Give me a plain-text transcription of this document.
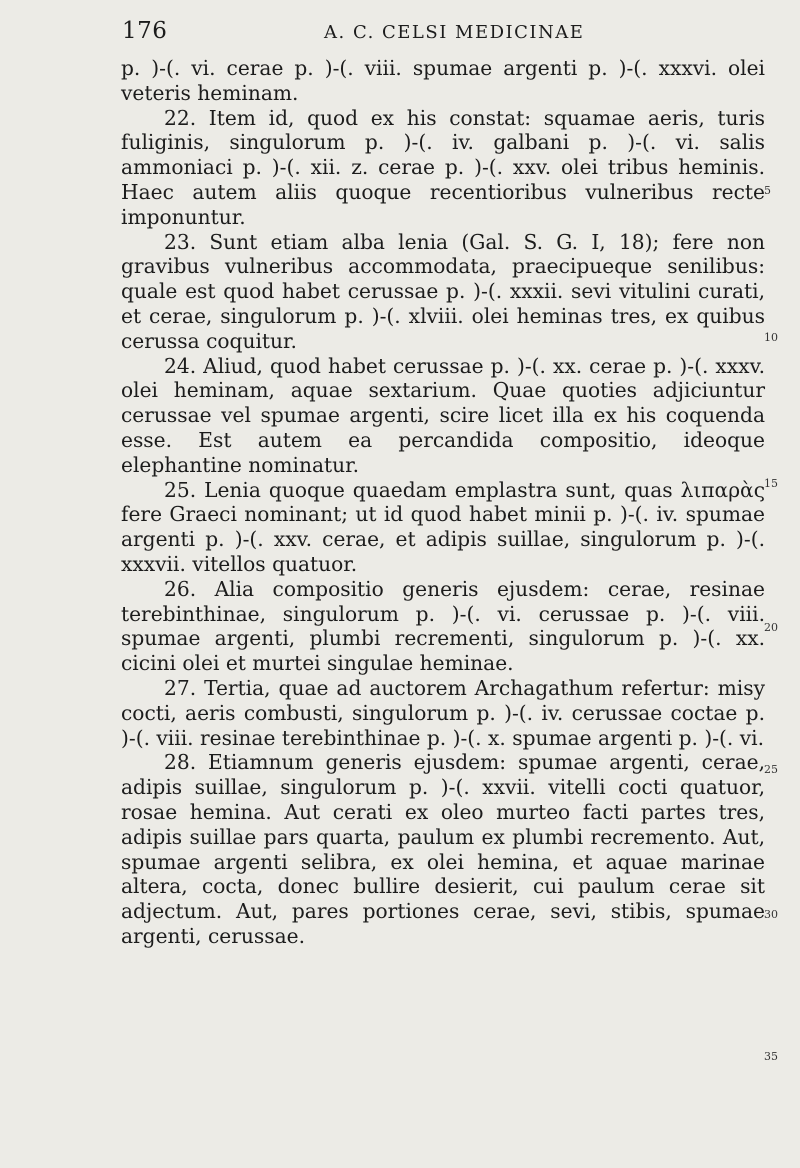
176	A. C. CELSI MEDICINAE

p. )-(. vi. cerae p. )-(. viii. spumae argenti p. )-(. xxxvi. olei veteris heminam.

22. Item id, quod ex his constat: squamae aeris, turis fuliginis, singulorum p. )-(. iv. galbani p. )-(. vi. salis ammoniaci p. )-(. xii. z. cerae p. )-(. xxv. olei tribus heminis. Haec autem aliis quoque recentioribus vulneribus recte imponuntur.

23. Sunt etiam alba lenia (Gal. S. G. I, 18); fere non gravibus vulneribus accommodata, praecipueque senilibus: quale est quod habet cerussae p. )-(. xxxii. sevi vitulini curati, et cerae, singulorum p. )-(. xlviii. olei heminas tres, ex quibus cerussa coquitur.

24. Aliud, quod habet cerussae p. )-(. xx. cerae p. )-(. xxxv. olei heminam, aquae sextarium. Quae quoties adjiciuntur cerussae vel spumae argenti, scire licet illa ex his coquenda esse. Est autem ea percandida compositio, ideoque elephantine nominatur.

25. Lenia quoque quaedam emplastra sunt, quas λιπαρὰς fere Graeci nominant; ut id quod habet minii p. )-(. iv. spumae argenti p. )-(. xxv. cerae, et adipis suillae, singulorum p. )-(. xxxvii. vitellos quatuor.

26. Alia compositio generis ejusdem: cerae, resinae terebinthinae, singulorum p. )-(. vi. cerussae p. )-(. viii. spumae argenti, plumbi recrementi, singulorum p. )-(. xx. cicini olei et murtei singulae heminae.

27. Tertia, quae ad auctorem Archagathum refertur: misy cocti, aeris combusti, singulorum p. )-(. iv. cerussae coctae p. )-(. viii. resinae terebinthinae p. )-(. x. spumae argenti p. )-(. vi.

28. Etiamnum generis ejusdem: spumae argenti, cerae, adipis suillae, singulorum p. )-(. xxvii. vitelli cocti quatuor, rosae hemina. Aut cerati ex oleo murteo facti partes tres, adipis suillae pars quarta, paulum ex plumbi recremento. Aut, spumae argenti selibra, ex olei hemina, et aquae marinae altera, cocta, donec bullire desierit, cui paulum cerae sit adjectum. Aut, pares portiones cerae, sevi, stibis, spumae argenti, cerussae.

5
10
15
20
25
30
35
